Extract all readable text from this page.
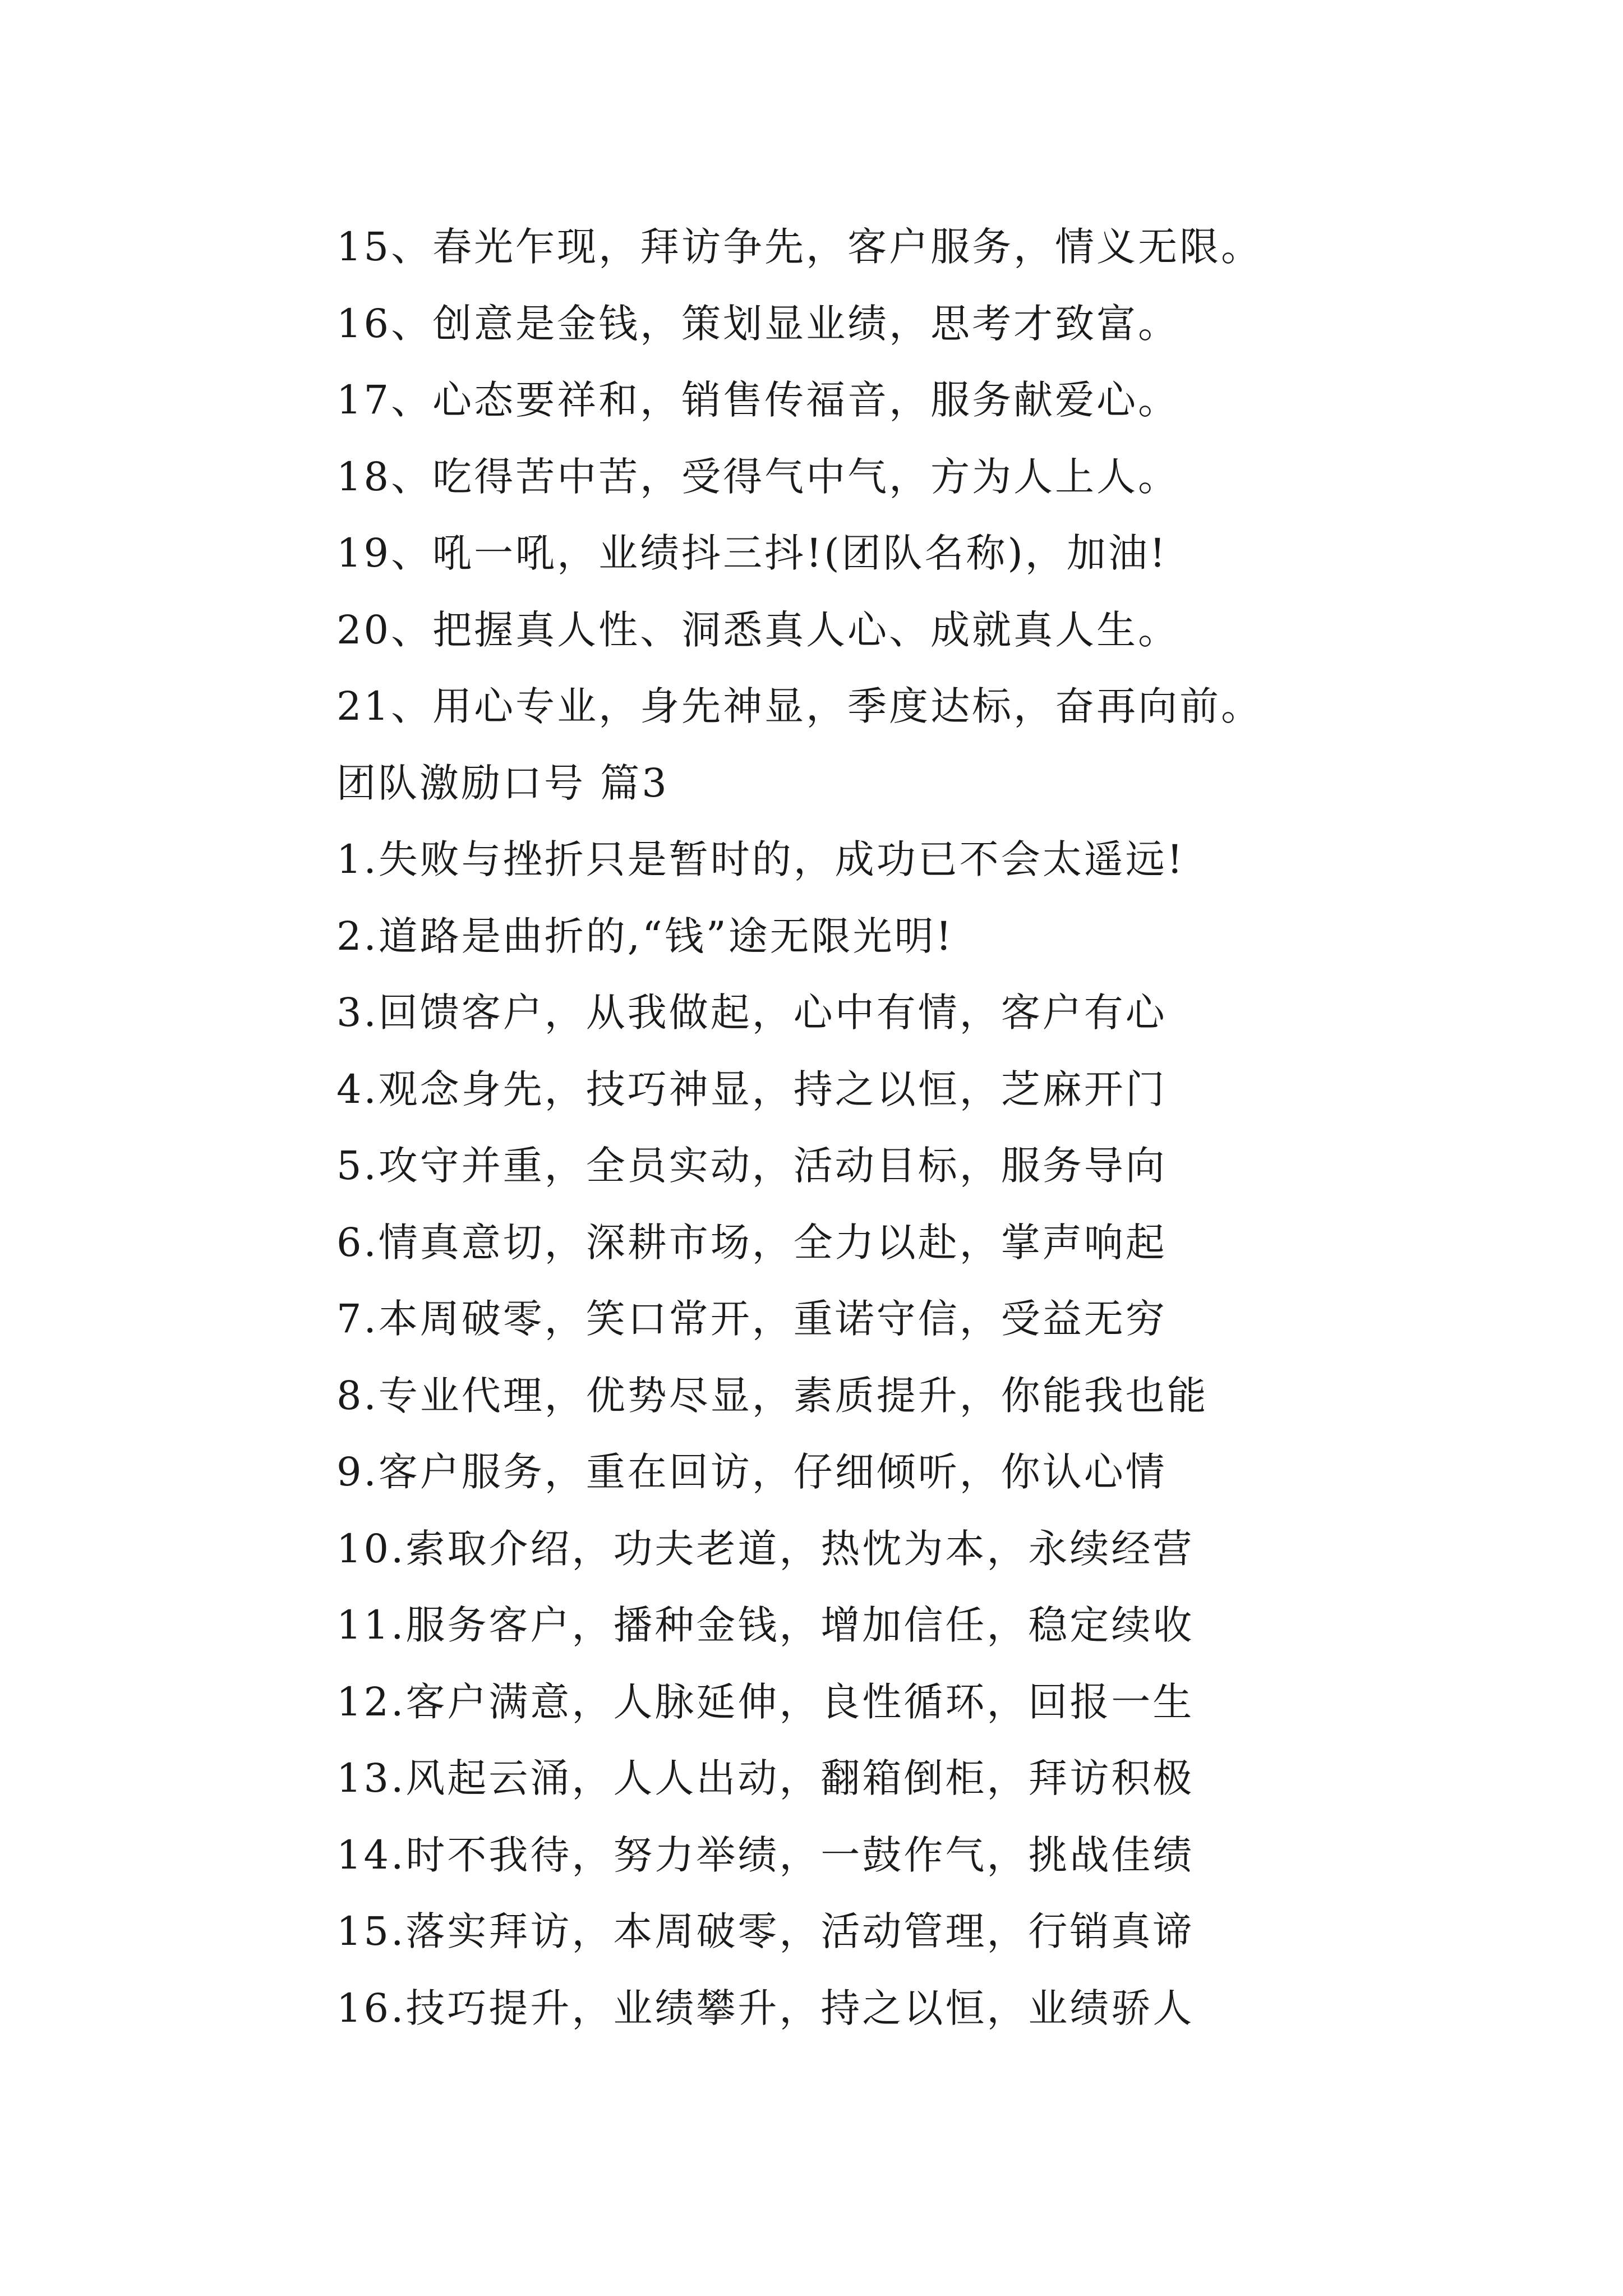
15、春光乍现，拜访争先，客户服务，情义无限。
16、创意是金钱，策划显业绩，思考才致富。
17、心态要祥和，销售传福音，服务献爱心。
18、吃得苦中苦，受得气中气，方为人上人。
19、吼一吼，业绩抖三抖!(团队名称)，加油!
20、把握真人性、洞悉真人心、成就真人生。
21、用心专业，身先神显，季度达标，奋再向前。
团队激励口号 篇3
1.失败与挫折只是暂时的，成功已不会太遥远!
2.道路是曲折的,“钱”途无限光明!
3.回馈客户，从我做起，心中有情，客户有心
4.观念身先，技巧神显，持之以恒，芝麻开门
5.攻守并重，全员实动，活动目标，服务导向
6.情真意切，深耕市场，全力以赴，掌声响起
7.本周破零，笑口常开，重诺守信，受益无穷
8.专业代理，优势尽显，素质提升，你能我也能
9.客户服务，重在回访，仔细倾听，你认心情
10.索取介绍，功夫老道，热忱为本，永续经营
11.服务客户，播种金钱，增加信任，稳定续收
12.客户满意，人脉延伸，良性循环，回报一生
13.风起云涌，人人出动，翻箱倒柜，拜访积极
14.时不我待，努力举绩，一鼓作气，挑战佳绩
15.落实拜访，本周破零，活动管理，行销真谛
16.技巧提升，业绩攀升，持之以恒，业绩骄人
